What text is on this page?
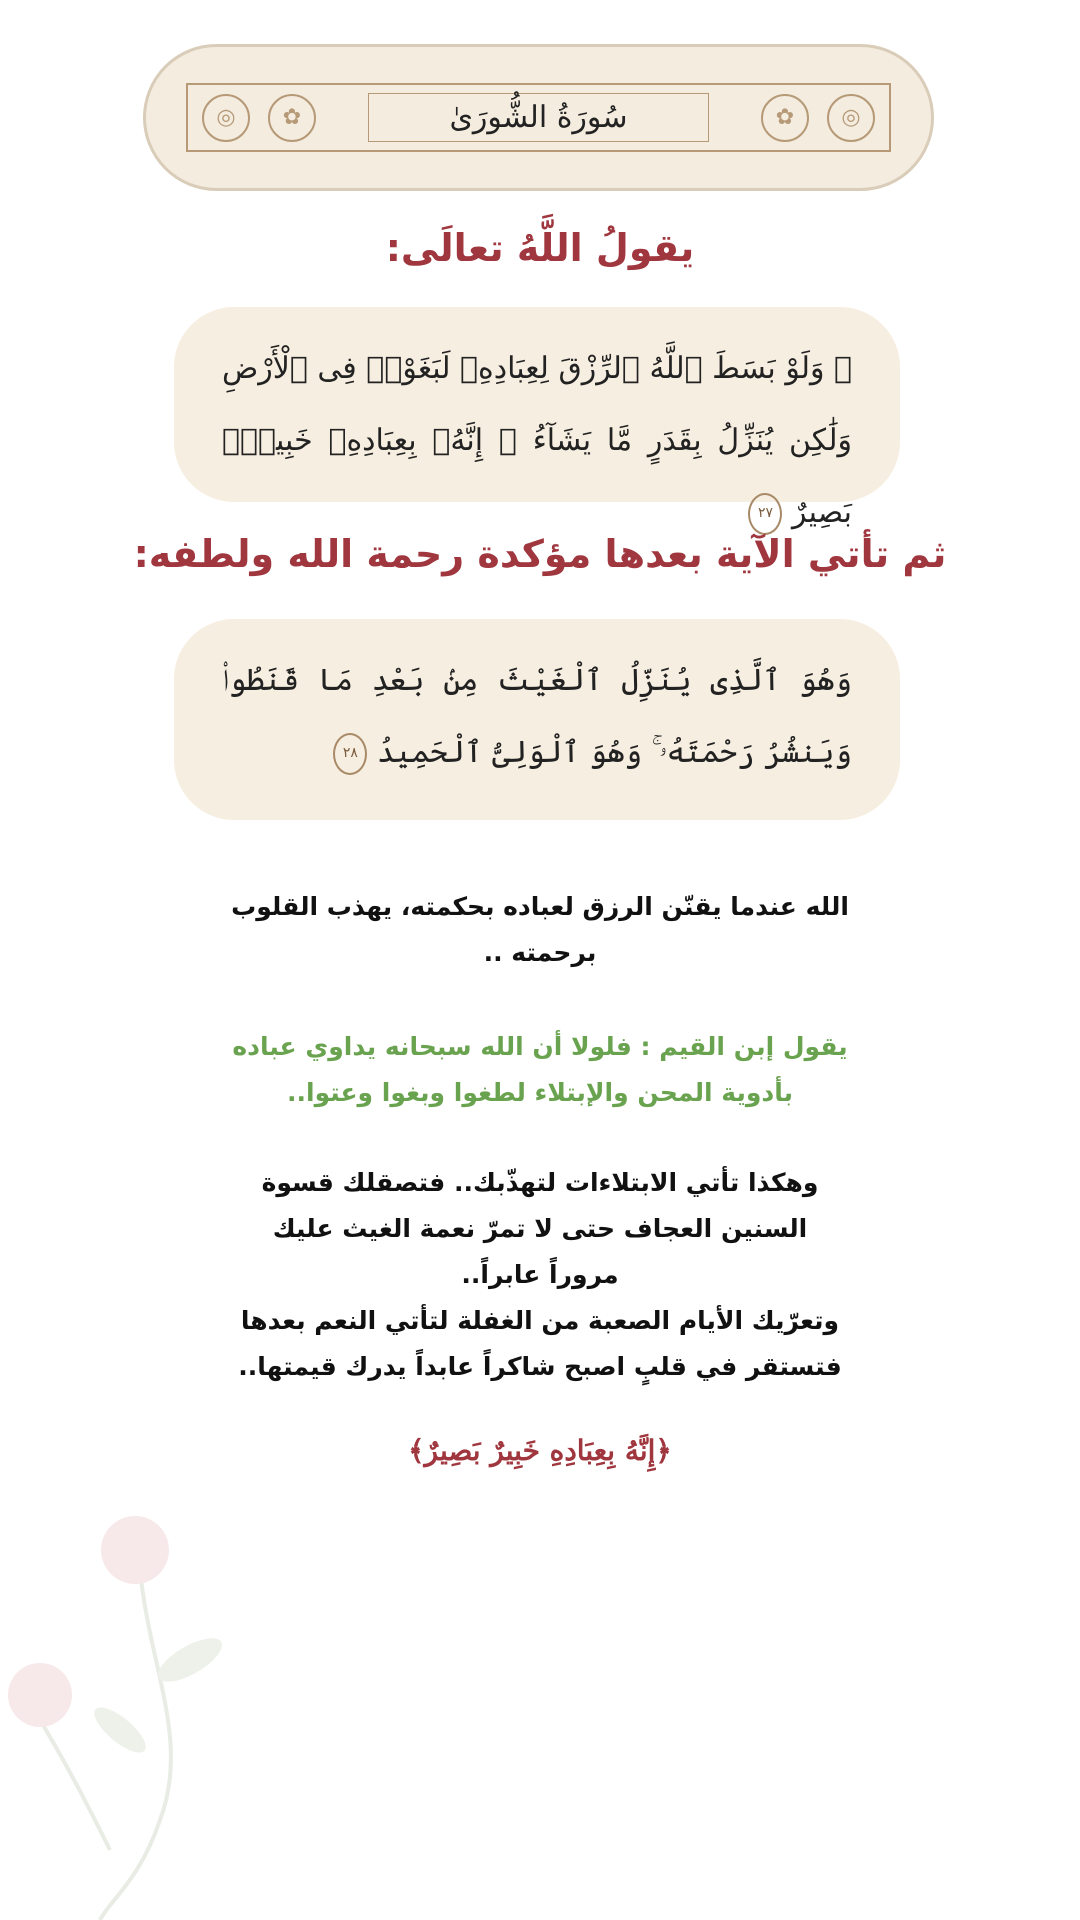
◎
✿
✿
◎	سُورَةُ الشُّورَىٰ
يقولُ اللَّهُ تعالَى:
۞ وَلَوْ بَسَطَ ٱللَّهُ ٱلرِّزْقَ لِعِبَادِهِۦ لَبَغَوْا۟ فِى ٱلْأَرْضِ وَلَٰكِن يُنَزِّلُ بِقَدَرٍ مَّا يَشَآءُ ۚ إِنَّهُۥ بِعِبَادِهِۦ خَبِيرٌۢ بَصِيرٌ ٢٧
ثم تأتي الآية بعدها مؤكدة رحمة الله ولطفه:
وَهُوَ ٱلَّذِى يُنَزِّلُ ٱلْغَيْثَ مِنۢ بَعْدِ مَا قَنَطُوا۟ وَيَنشُرُ رَحْمَتَهُۥ ۚ وَهُوَ ٱلْوَلِىُّ ٱلْحَمِيدُ ٢٨
الله عندما يقنّن الرزق لعباده بحكمته، يهذب القلوب
برحمته ..
يقول إبن القيم : فلولا أن الله سبحانه يداوي عباده
بأدوية المحن والإبتلاء لطغوا وبغوا وعتوا..
وهكذا تأتي الابتلاءات لتهذّبك.. فتصقلك قسوة
السنين العجاف حتى لا تمرّ نعمة الغيث عليك
مروراً عابراً..
وتعرّيك الأيام الصعبة من الغفلة لتأتي النعم بعدها
فتستقر في قلبٍ اصبح شاكراً عابداً يدرك قيمتها..
﴿إِنَّهُ بِعِبَادِهِ خَبِيرٌ بَصِيرٌ﴾
